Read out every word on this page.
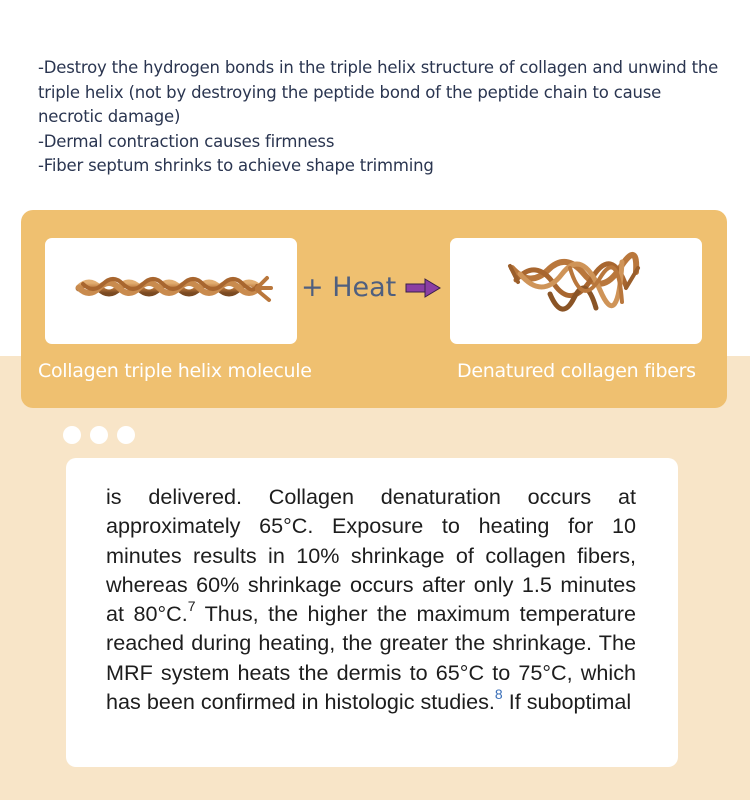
-Destroy the hydrogen bonds in the triple helix structure of collagen and unwind the triple helix (not by destroying the peptide bond of the peptide chain to cause necrotic damage)
-Dermal contraction causes firmness
-Fiber septum shrinks to achieve shape trimming
+ Heat
Collagen triple helix molecule	Denatured collagen fibers
is delivered. Collagen denaturation occurs at approximately 65°C. Exposure to heating for 10 minutes results in 10% shrinkage of collagen fibers, whereas 60% shrinkage occurs after only 1.5 minutes at 80°C.$^7$ Thus, the higher the maximum temperature reached during heating, the greater the shrinkage. The MRF system heats the dermis to 65°C to 75°C, which has been confirmed in histologic studies.$^8$ If suboptimal
